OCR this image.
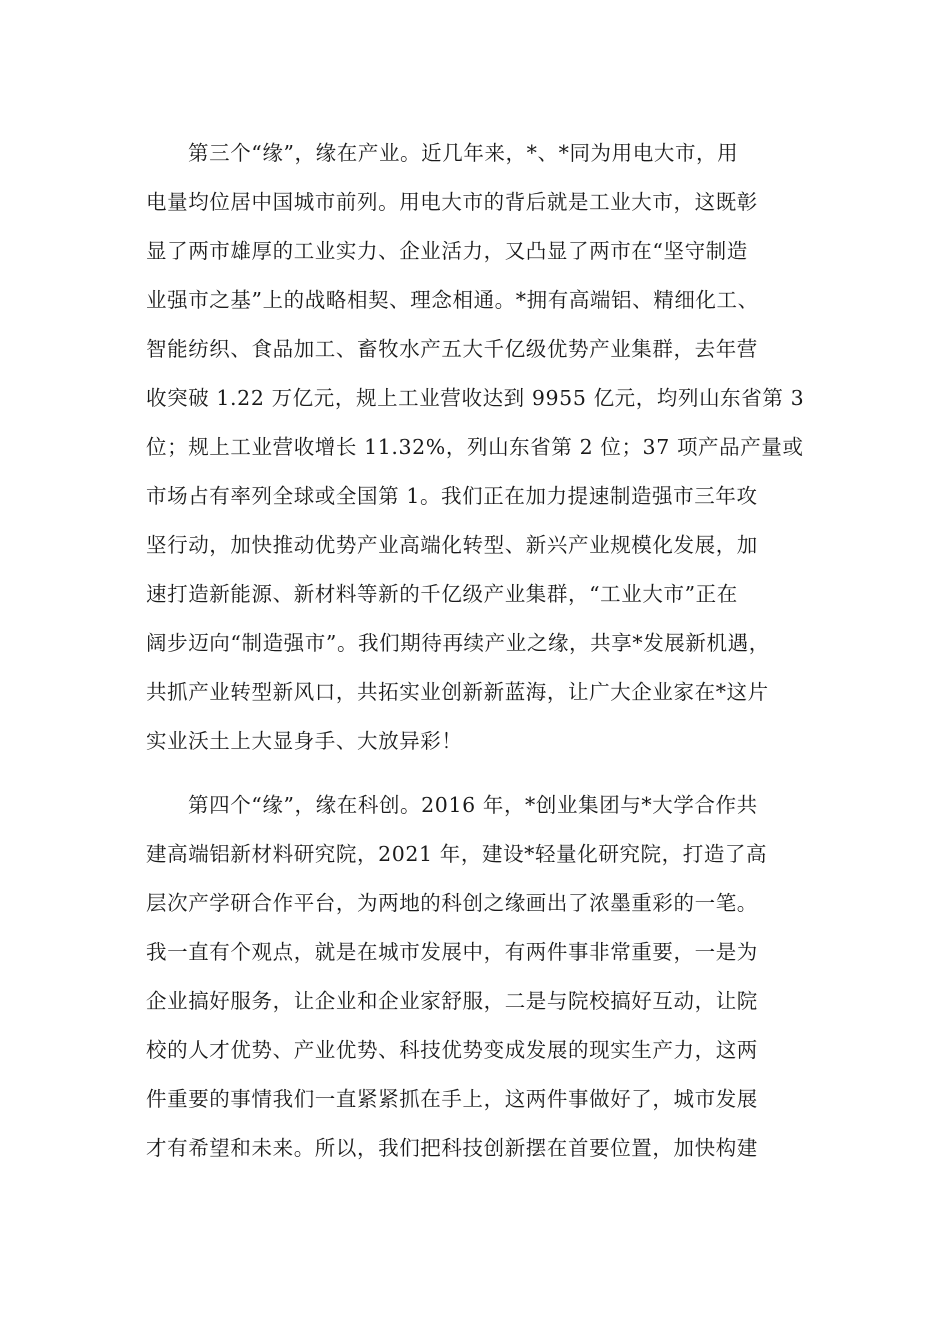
第三个“缘”，缘在产业。近几年来，*、*同为用电大市，用
电量均位居中国城市前列。用电大市的背后就是工业大市，这既彰
显了两市雄厚的工业实力、企业活力，又凸显了两市在“坚守制造
业强市之基”上的战略相契、理念相通。*拥有高端铝、精细化工、
智能纺织、食品加工、畜牧水产五大千亿级优势产业集群，去年营
收突破 1.22 万亿元，规上工业营收达到 9955 亿元，均列山东省第 3
位；规上工业营收增长 11.32%，列山东省第 2 位；37 项产品产量或
市场占有率列全球或全国第 1。我们正在加力提速制造强市三年攻
坚行动，加快推动优势产业高端化转型、新兴产业规模化发展，加
速打造新能源、新材料等新的千亿级产业集群，“工业大市”正在
阔步迈向“制造强市”。我们期待再续产业之缘，共享*发展新机遇，
共抓产业转型新风口，共拓实业创新新蓝海，让广大企业家在*这片
实业沃土上大显身手、大放异彩！
第四个“缘”，缘在科创。2016 年，*创业集团与*大学合作共
建高端铝新材料研究院，2021 年，建设*轻量化研究院，打造了高
层次产学研合作平台，为两地的科创之缘画出了浓墨重彩的一笔。
我一直有个观点，就是在城市发展中，有两件事非常重要，一是为
企业搞好服务，让企业和企业家舒服，二是与院校搞好互动，让院
校的人才优势、产业优势、科技优势变成发展的现实生产力，这两
件重要的事情我们一直紧紧抓在手上，这两件事做好了，城市发展
才有希望和未来。所以，我们把科技创新摆在首要位置，加快构建
